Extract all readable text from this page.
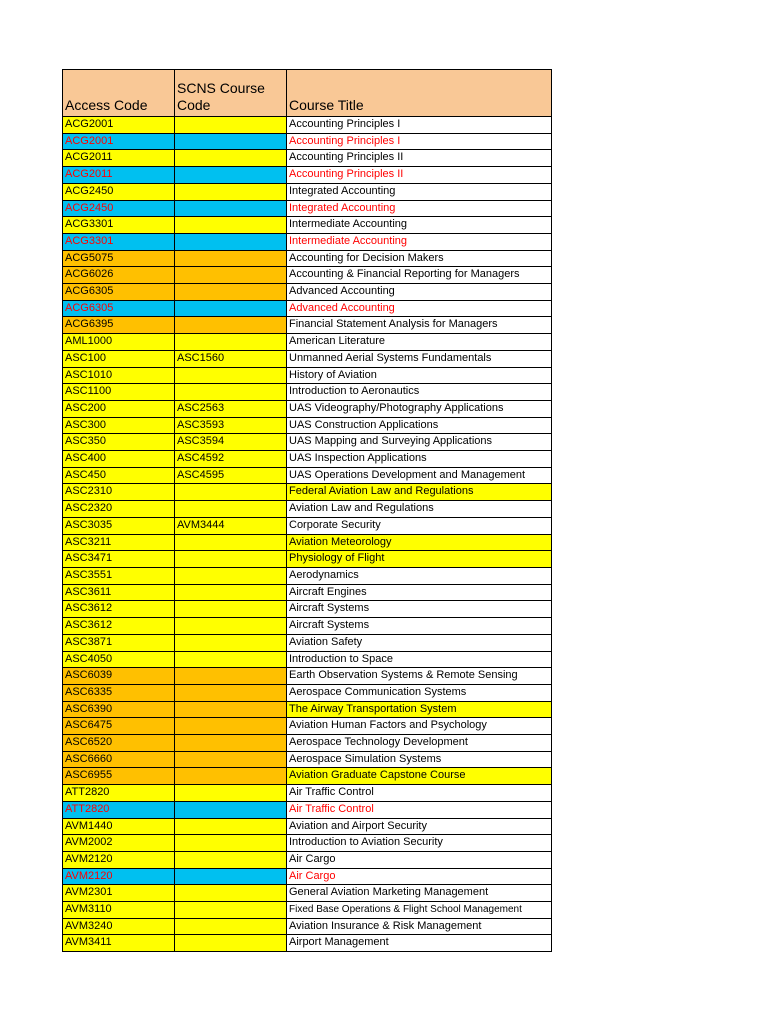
Access Code	SCNS Course Code	Course Title
ACG2001		Accounting Principles I
ACG2001		Accounting Principles I
ACG2011		Accounting Principles II
ACG2011		Accounting Principles II
ACG2450		Integrated Accounting
ACG2450		Integrated Accounting
ACG3301		Intermediate Accounting
ACG3301		Intermediate Accounting
ACG5075		Accounting for Decision Makers
ACG6026		Accounting & Financial Reporting for Managers
ACG6305		Advanced Accounting
ACG6305		Advanced Accounting
ACG6395		Financial Statement Analysis for Managers
AML1000		American Literature
ASC100	ASC1560	Unmanned Aerial Systems Fundamentals
ASC1010		History of Aviation
ASC1100		Introduction to Aeronautics
ASC200	ASC2563	UAS Videography/Photography Applications
ASC300	ASC3593	UAS Construction Applications
ASC350	ASC3594	UAS Mapping and Surveying Applications
ASC400	ASC4592	UAS Inspection Applications
ASC450	ASC4595	UAS Operations Development and Management
ASC2310		Federal Aviation Law and Regulations
ASC2320		Aviation Law and Regulations
ASC3035	AVM3444	Corporate Security
ASC3211		Aviation Meteorology
ASC3471		Physiology of Flight
ASC3551		Aerodynamics
ASC3611		Aircraft Engines
ASC3612		Aircraft Systems
ASC3612		Aircraft Systems
ASC3871		Aviation Safety
ASC4050		Introduction to Space
ASC6039		Earth Observation Systems & Remote Sensing
ASC6335		Aerospace Communication Systems
ASC6390		The Airway Transportation System
ASC6475		Aviation Human Factors and Psychology
ASC6520		Aerospace Technology Development
ASC6660		Aerospace Simulation Systems
ASC6955		Aviation Graduate Capstone Course
ATT2820		Air Traffic Control
ATT2820		Air Traffic Control
AVM1440		Aviation and Airport Security
AVM2002		Introduction to Aviation Security
AVM2120		Air Cargo
AVM2120		Air Cargo
AVM2301		General Aviation Marketing Management
AVM3110		Fixed Base Operations & Flight School Management
AVM3240		Aviation Insurance & Risk Management
AVM3411		Airport Management
